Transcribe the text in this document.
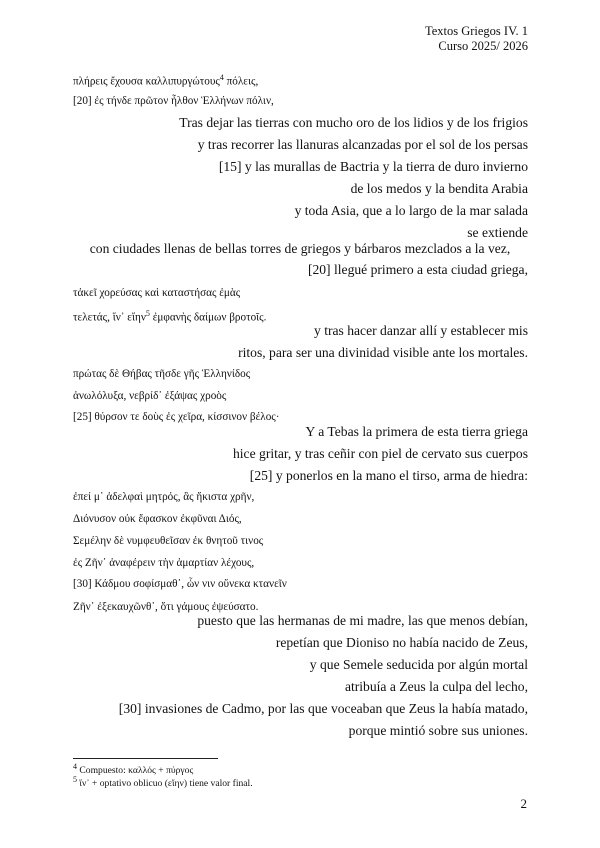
Textos Griegos IV. 1
Curso 2025/ 2026
πλήρεις ἔχουσα καλλιπυργώτους$^4$ πόλεις,
[20] ἐς τήνδε πρῶτον ἦλθον Ἑλλήνων πόλιν,
Tras dejar las tierras con mucho oro de los lidios y de los frigios
y tras recorrer las llanuras alcanzadas por el sol de los persas
[15] y las murallas de Bactria y la tierra de duro invierno
de los medos y la bendita Arabia
y toda Asia, que a lo largo de la mar salada
se extiende
con ciudades llenas de bellas torres de griegos y bárbaros mezclados a la vez,
[20] llegué primero a esta ciudad griega,
τἀκεῖ χορεύσας καὶ καταστήσας ἐμὰς
τελετάς, ἵν᾽ εἴην$^5$ ἐμφανὴς δαίμων βροτοῖς.
y tras hacer danzar allí y establecer mis
ritos, para ser una divinidad visible ante los mortales.
πρώτας δὲ Θήβας τῆσδε γῆς Ἑλληνίδος
ἀνωλόλυξα, νεβρίδ᾽ ἐξάψας χροὸς
[25] θύρσον τε δοὺς ἐς χεῖρα, κίσσινον βέλος·
Y a Tebas la primera de esta tierra griega
hice gritar, y tras ceñir con piel de cervato sus cuerpos
[25] y ponerlos en la mano el tirso, arma de hiedra:
ἐπεί μ᾽ ἀδελφαὶ μητρός, ἃς ἥκιστα χρῆν,
Διόνυσον οὐκ ἔφασκον ἐκφῦναι Διός,
Σεμέλην δὲ νυμφευθεῖσαν ἐκ θνητοῦ τινος
ἐς Ζῆν᾽ ἀναφέρειν τὴν ἁμαρτίαν λέχους,
[30] Κάδμου σοφίσμαθ᾽, ὧν νιν οὕνεκα κτανεῖν
Ζῆν᾽ ἐξεκαυχῶνθ᾽, ὅτι γάμους ἐψεύσατο.
puesto que las hermanas de mi madre, las que menos debían,
repetían que Dioniso no había nacido de Zeus,
y que Semele seducida por algún mortal
atribuía a Zeus la culpa del lecho,
[30] invasiones de Cadmo, por las que voceaban que Zeus la había matado,
porque mintió sobre sus uniones.
$^4$ Compuesto: καλλός + πύργος
$^5$ ἵν᾽ + optativo oblicuo (εἴην) tiene valor final.
2
